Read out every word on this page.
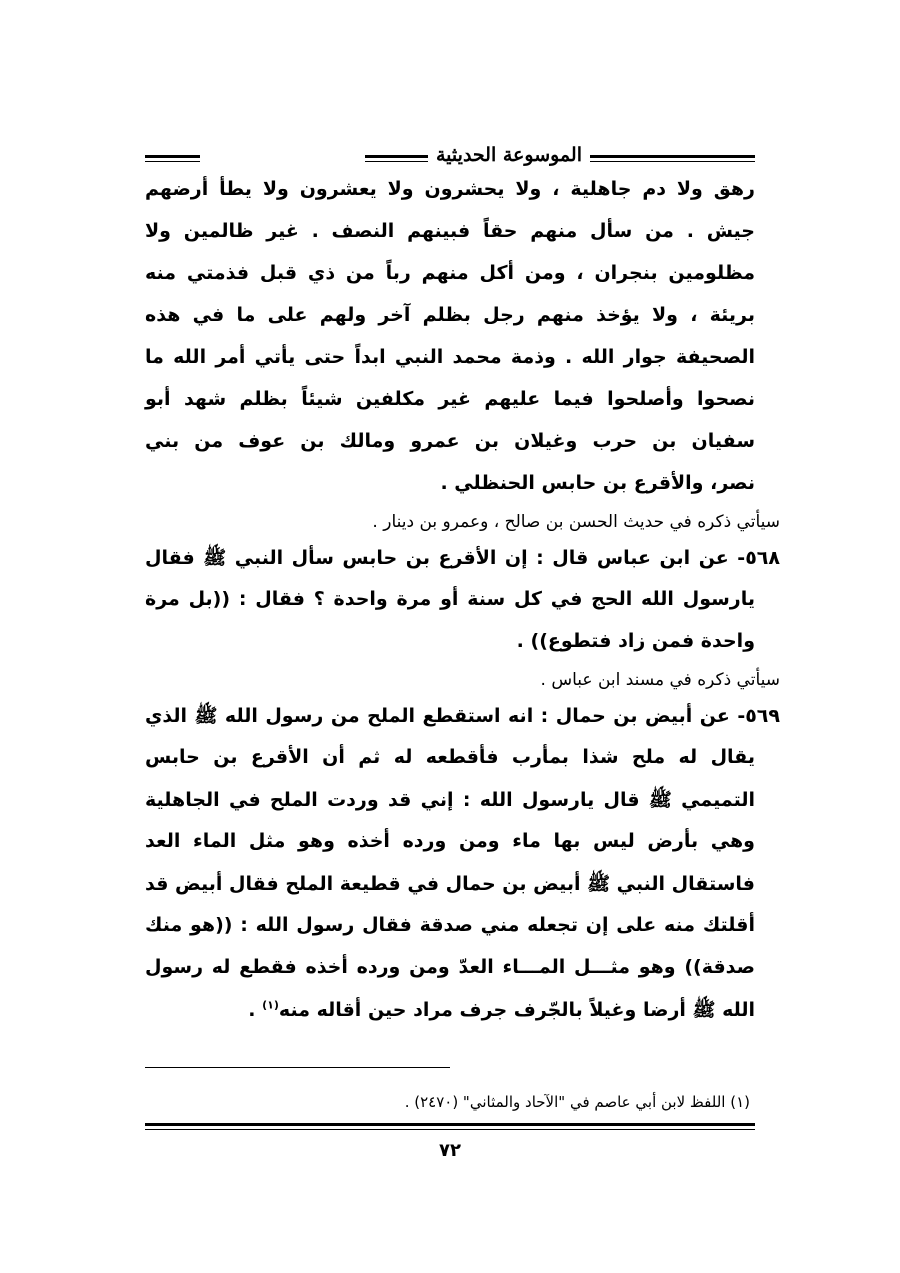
الموسوعة الحديثية
رهق ولا دم جاهلية ، ولا يحشرون ولا يعشرون ولا يطأ أرضهم
جيش . من سأل منهم حقاً فبينهم النصف . غير ظالمين ولا
مظلومين بنجران ، ومن أكل منهم رباً من ذي قبل فذمتي منه
بريئة ، ولا يؤخذ منهم رجل بظلم آخر ولهم على ما في هذه
الصحيفة جوار الله . وذمة محمد النبي ابداً حتى يأتي أمر الله ما
نصحوا وأصلحوا فيما عليهم غير مكلفين شيئاً بظلم شهد أبو
سفيان بن حرب وغيلان بن عمرو ومالك بن عوف من بني
نصر، والأقرع بن حابس الحنظلي .
سيأتي ذكره في حديث الحسن بن صالح ، وعمرو بن دينار .
٥٦٨- عن ابن عباس قال : إن الأقرع بن حابس سأل النبي ﷺ فقال
يارسول الله الحج في كل سنة أو مرة واحدة ؟ فقال : ((بل مرة
واحدة فمن زاد فتطوع)) .
سيأتي ذكره في مسند ابن عباس .
٥٦٩- عن أبيض بن حمال : انه استقطع الملح من رسول الله ﷺ الذي
يقال له ملح شذا بمأرب فأقطعه له ثم أن الأقرع بن حابس
التميمي ﷺ قال يارسول الله : إني قد وردت الملح في الجاهلية
وهي بأرض ليس بها ماء ومن ورده أخذه وهو مثل الماء العد
فاستقال النبي ﷺ أبيض بن حمال في قطيعة الملح فقال أبيض قد
أقلتك منه على إن تجعله مني صدقة فقال رسول الله : ((هو منك
صدقة)) وهو مثـــل المـــاء العدّ ومن ورده أخذه فقطع له رسول
الله ﷺ أرضا وغيلاً بالجّرف جرف مراد حين أقاله منه$^{(١)}$ .
(١) اللفظ لابن أبي عاصم في "الآحاد والمثاني" (٢٤٧٠) .
٧٢
